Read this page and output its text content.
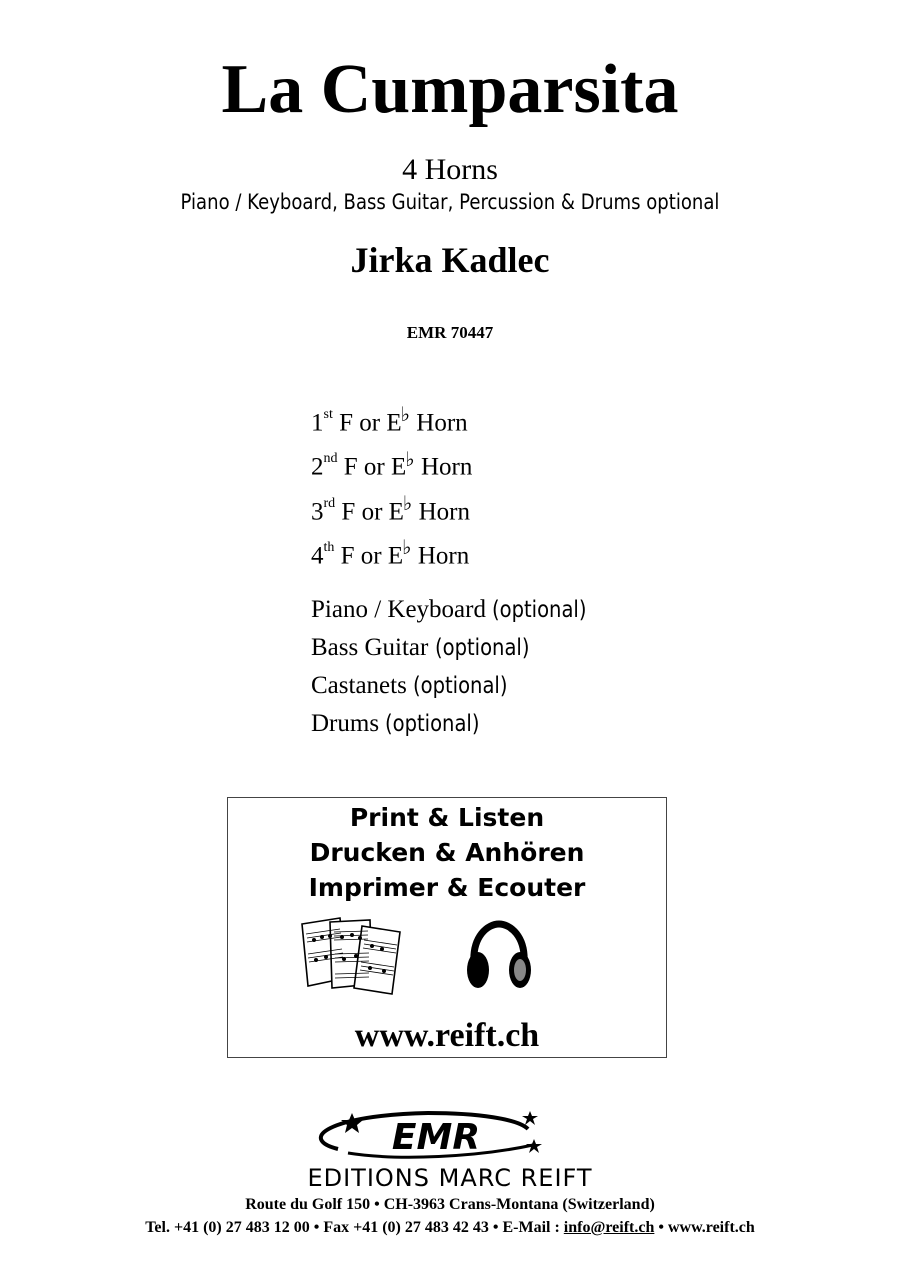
La Cumparsita
4 Horns
Piano / Keyboard, Bass Guitar, Percussion & Drums optional
Jirka Kadlec
EMR 70447
1st F or E♭ Horn
2nd F or E♭ Horn
3rd F or E♭ Horn
4th F or E♭ Horn
Piano / Keyboard (optional)
Bass Guitar (optional)
Castanets (optional)
Drums (optional)
Print & Listen
Drucken & Anhören
Imprimer & Ecouter
www.reift.ch
EMR
EDITIONS MARC REIFT
Route du Golf 150 • CH-3963 Crans-Montana (Switzerland)
Tel. +41 (0) 27 483 12 00 • Fax +41 (0) 27 483 42 43 • E-Mail : info@reift.ch • www.reift.ch
